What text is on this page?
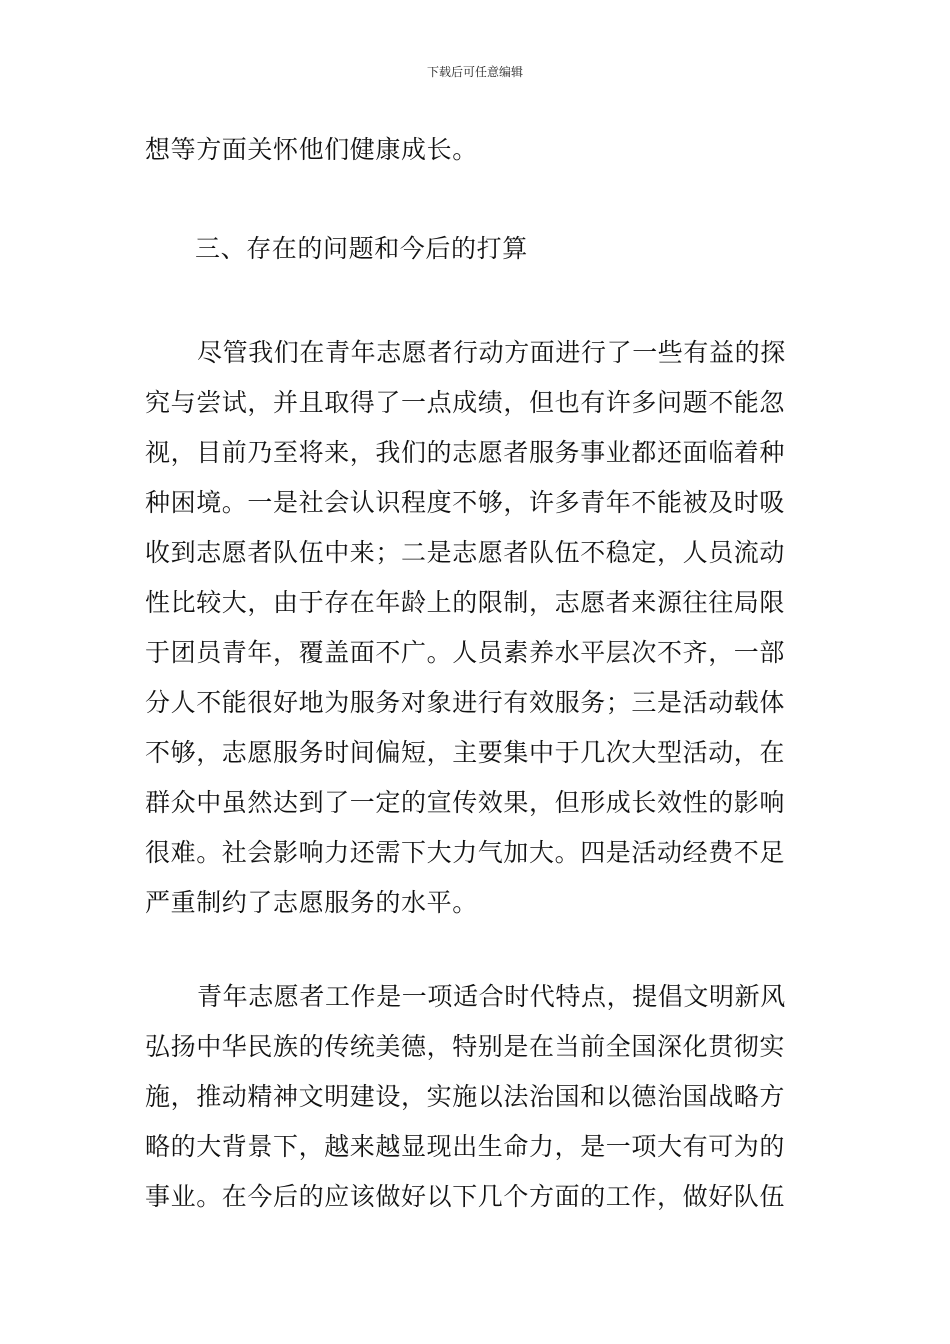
下载后可任意编辑

想等方面关怀他们健康成长。

三、存在的问题和今后的打算

尽管我们在青年志愿者行动方面进行了一些有益的探究与尝试，并且取得了一点成绩，但也有许多问题不能忽视，目前乃至将来，我们的志愿者服务事业都还面临着种种困境。一是社会认识程度不够，许多青年不能被及时吸收到志愿者队伍中来；二是志愿者队伍不稳定，人员流动性比较大，由于存在年龄上的限制，志愿者来源往往局限于团员青年，覆盖面不广。人员素养水平层次不齐，一部分人不能很好地为服务对象进行有效服务；三是活动载体不够，志愿服务时间偏短，主要集中于几次大型活动，在群众中虽然达到了一定的宣传效果，但形成长效性的影响很难。社会影响力还需下大力气加大。四是活动经费不足严重制约了志愿服务的水平。

青年志愿者工作是一项适合时代特点，提倡文明新风弘扬中华民族的传统美德，特别是在当前全国深化贯彻实施，推动精神文明建设，实施以法治国和以德治国战略方略的大背景下，越来越显现出生命力，是一项大有可为的事业。在今后的应该做好以下几个方面的工作，做好队伍
